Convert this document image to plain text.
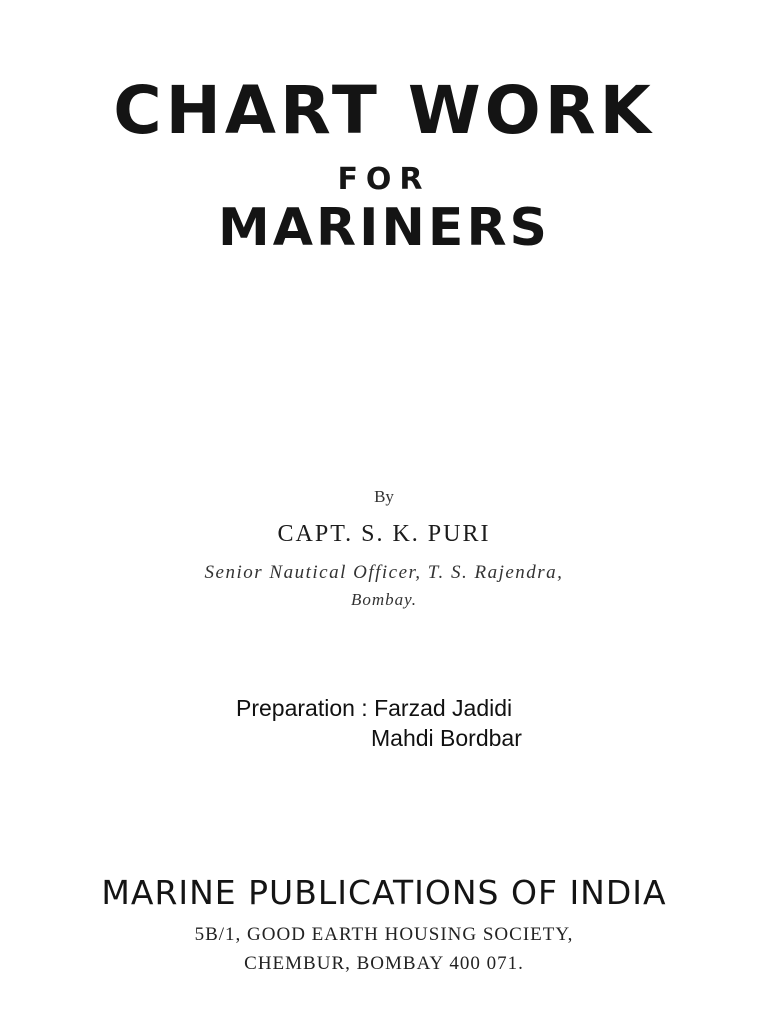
CHART WORK
FOR
MARINERS
By
CAPT. S. K. PURI
Senior Nautical Officer, T. S. Rajendra,
Bombay.
Preparation : Farzad Jadidi
Mahdi Bordbar
MARINE PUBLICATIONS OF INDIA
5B/1, GOOD EARTH HOUSING SOCIETY,
CHEMBUR, BOMBAY 400 071.
